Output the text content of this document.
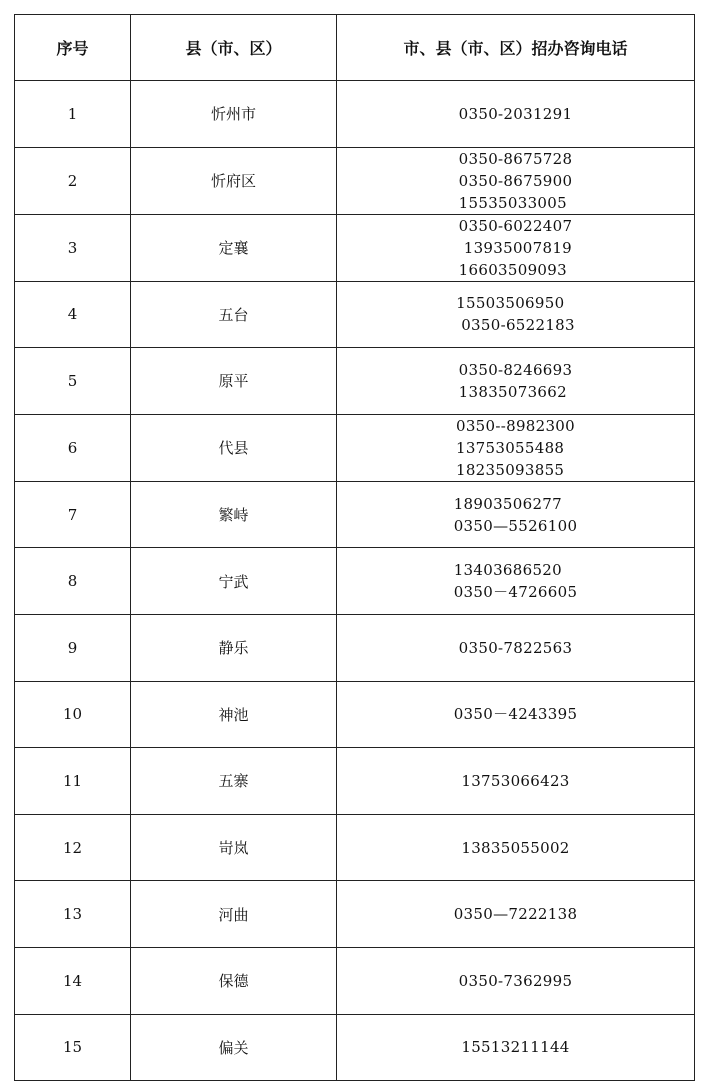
序号	县（市、区）	市、县（市、区）招办咨询电话
1	忻州市	0350-2031291

2	忻府区	0350-8675728
0350-8675900
15535033005

3	定襄	0350-6022407
13935007819
16603509093

4	五台	15503506950
0350-6522183

5	原平	0350-8246693
13835073662

6	代县	0350--8982300
13753055488
18235093855

7	繁峙	18903506277
0350—5526100

8	宁武	13403686520
0350－4726605

9	静乐	0350-7822563

10	神池	0350－4243395

11	五寨	13753066423

12	岢岚	13835055002

13	河曲	0350—7222138

14	保德	0350-7362995

15	偏关	15513211144
